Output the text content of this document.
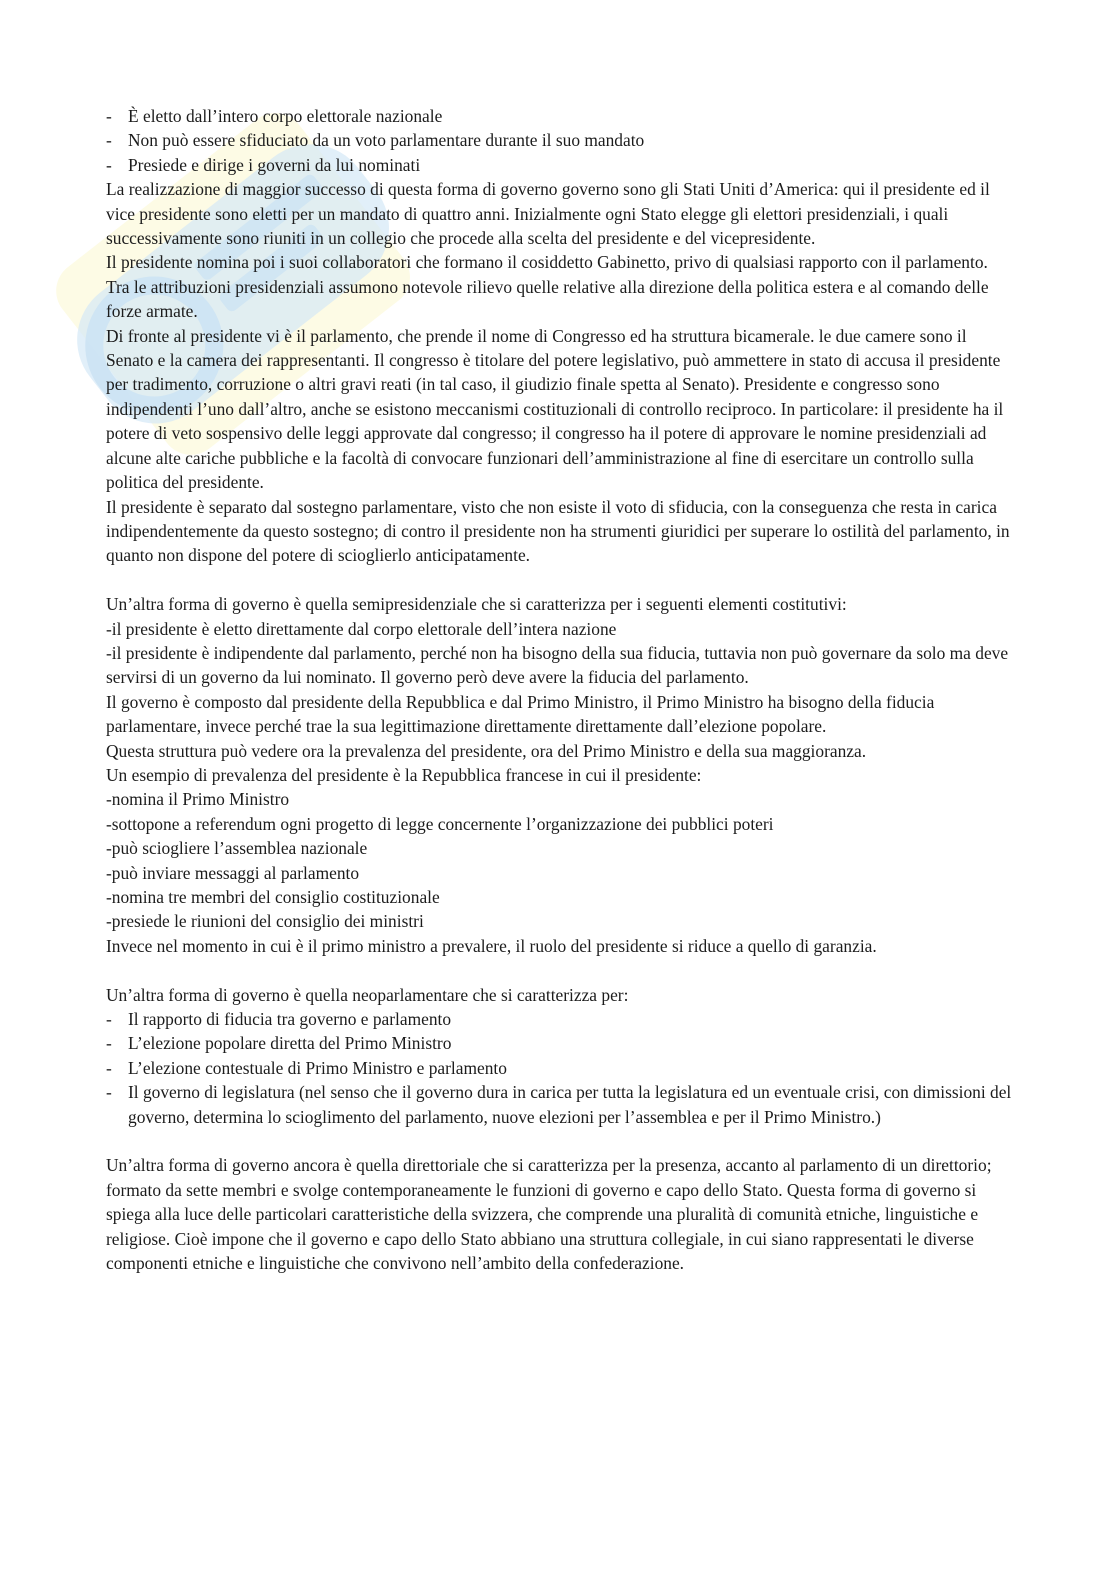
- È eletto dall’intero corpo elettorale nazionale
- Non può essere sfiduciato da un voto parlamentare durante il suo mandato
- Presiede e dirige i governi da lui nominati

La realizzazione di maggior successo di questa forma di governo governo sono gli Stati Uniti d’America: qui il presidente ed il vice presidente sono eletti per un mandato di quattro anni. Inizialmente ogni Stato elegge gli elettori presidenziali, i quali successivamente sono riuniti in un collegio che procede alla scelta del presidente e del vicepresidente.

Il presidente nomina poi i suoi collaboratori che formano il cosiddetto Gabinetto, privo di qualsiasi rapporto con il parlamento. Tra le attribuzioni presidenziali assumono notevole rilievo quelle relative alla direzione della politica estera e al comando delle forze armate.

Di fronte al presidente vi è il parlamento, che prende il nome di Congresso ed ha struttura bicamerale. le due camere sono il Senato e la camera dei rappresentanti. Il congresso è titolare del potere legislativo, può ammettere in stato di accusa il presidente per tradimento, corruzione o altri gravi reati (in tal caso, il giudizio finale spetta al Senato). Presidente e congresso sono indipendenti l’uno dall’altro, anche se esistono meccanismi costituzionali di controllo reciproco. In particolare: il presidente ha il potere di veto sospensivo delle leggi approvate dal congresso; il congresso ha il potere di approvare le nomine presidenziali ad alcune alte cariche pubbliche e la facoltà di convocare funzionari dell’amministrazione al fine di esercitare un controllo sulla politica del presidente.

Il presidente è separato dal sostegno parlamentare, visto che non esiste il voto di sfiducia, con la conseguenza che resta in carica indipendentemente da questo sostegno; di contro il presidente non ha strumenti giuridici per superare lo ostilità del parlamento, in quanto non dispone del potere di scioglierlo anticipatamente.

Un’altra forma di governo è quella semipresidenziale che si caratterizza per i seguenti elementi costitutivi:

-il presidente è eletto direttamente dal corpo elettorale dell’intera nazione

-il presidente è indipendente dal parlamento, perché non ha bisogno della sua fiducia, tuttavia non può governare da solo ma deve servirsi di un governo da lui nominato. Il governo però deve avere la fiducia del parlamento.

Il governo è composto dal presidente della Repubblica e dal Primo Ministro, il Primo Ministro ha bisogno della fiducia parlamentare, invece perché trae la sua legittimazione direttamente direttamente dall’elezione popolare.

Questa struttura può vedere ora la prevalenza del presidente, ora del Primo Ministro e della sua maggioranza.

Un esempio di prevalenza del presidente è la Repubblica francese in cui il presidente:

-nomina il Primo Ministro

-sottopone a referendum ogni progetto di legge concernente l’organizzazione dei pubblici poteri

-può sciogliere l’assemblea nazionale

-può inviare messaggi al parlamento

-nomina tre membri del consiglio costituzionale

-presiede le riunioni del consiglio dei ministri

Invece nel momento in cui è il primo ministro a prevalere, il ruolo del presidente si riduce a quello di garanzia.

Un’altra forma di governo è quella neoparlamentare che si caratterizza per:

- Il rapporto di fiducia tra governo e parlamento
- L’elezione popolare diretta del Primo Ministro
- L’elezione contestuale di Primo Ministro e parlamento
- Il governo di legislatura (nel senso che il governo dura in carica per tutta la legislatura ed un eventuale crisi, con dimissioni del governo, determina lo scioglimento del parlamento, nuove elezioni per l’assemblea e per il Primo Ministro.)

Un’altra forma di governo ancora è quella direttoriale che si caratterizza per la presenza, accanto al parlamento di un direttorio; formato da sette membri e svolge contemporaneamente le funzioni di governo e capo dello Stato. Questa forma di governo si spiega alla luce delle particolari caratteristiche della svizzera, che comprende una pluralità di comunità etniche, linguistiche e religiose. Cioè impone che il governo e capo dello Stato abbiano una struttura collegiale, in cui siano rappresentati le diverse componenti etniche e linguistiche che convivono nell’ambito della confederazione.
